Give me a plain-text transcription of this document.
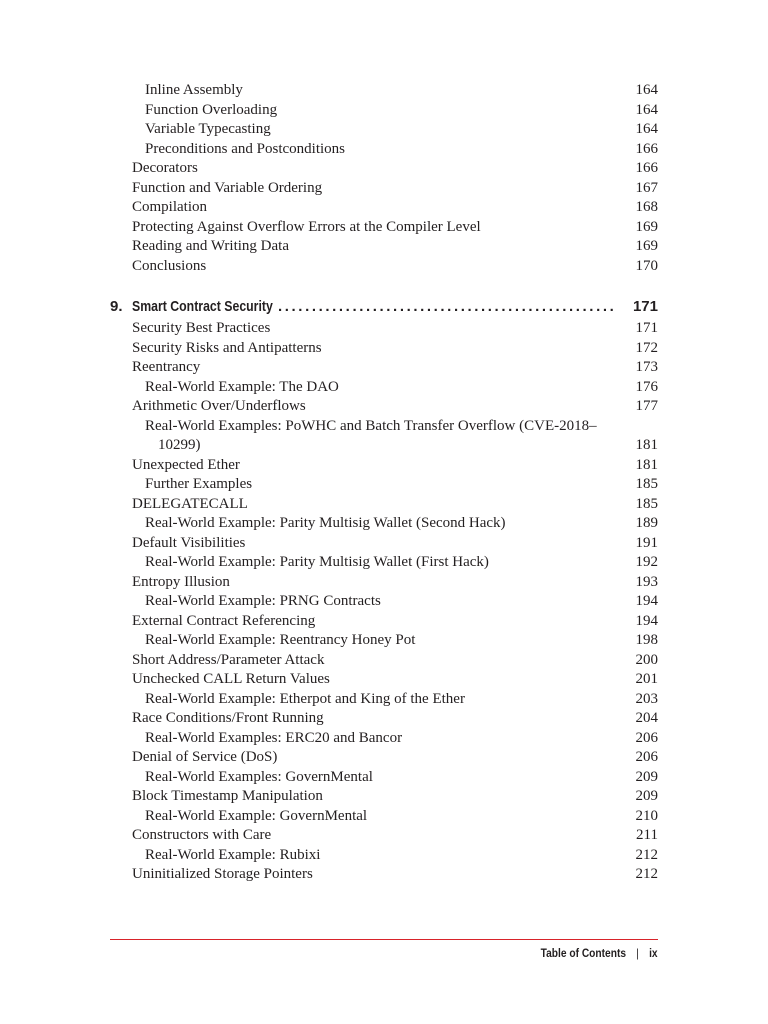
Inline Assembly	164
Function Overloading	164
Variable Typecasting	164
Preconditions and Postconditions	166
Decorators	166
Function and Variable Ordering	167
Compilation	168
Protecting Against Overflow Errors at the Compiler Level	169
Reading and Writing Data	169
Conclusions	170
9. Smart Contract Security ..................................................	171
Security Best Practices	171
Security Risks and Antipatterns	172
Reentrancy	173
Real-World Example: The DAO	176
Arithmetic Over/Underflows	177
Real-World Examples: PoWHC and Batch Transfer Overflow (CVE-2018–
10299)	181
Unexpected Ether	181
Further Examples	185
DELEGATECALL	185
Real-World Example: Parity Multisig Wallet (Second Hack)	189
Default Visibilities	191
Real-World Example: Parity Multisig Wallet (First Hack)	192
Entropy Illusion	193
Real-World Example: PRNG Contracts	194
External Contract Referencing	194
Real-World Example: Reentrancy Honey Pot	198
Short Address/Parameter Attack	200
Unchecked CALL Return Values	201
Real-World Example: Etherpot and King of the Ether	203
Race Conditions/Front Running	204
Real-World Examples: ERC20 and Bancor	206
Denial of Service (DoS)	206
Real-World Examples: GovernMental	209
Block Timestamp Manipulation	209
Real-World Example: GovernMental	210
Constructors with Care	211
Real-World Example: Rubixi	212
Uninitialized Storage Pointers	212
Table of Contents | ix
